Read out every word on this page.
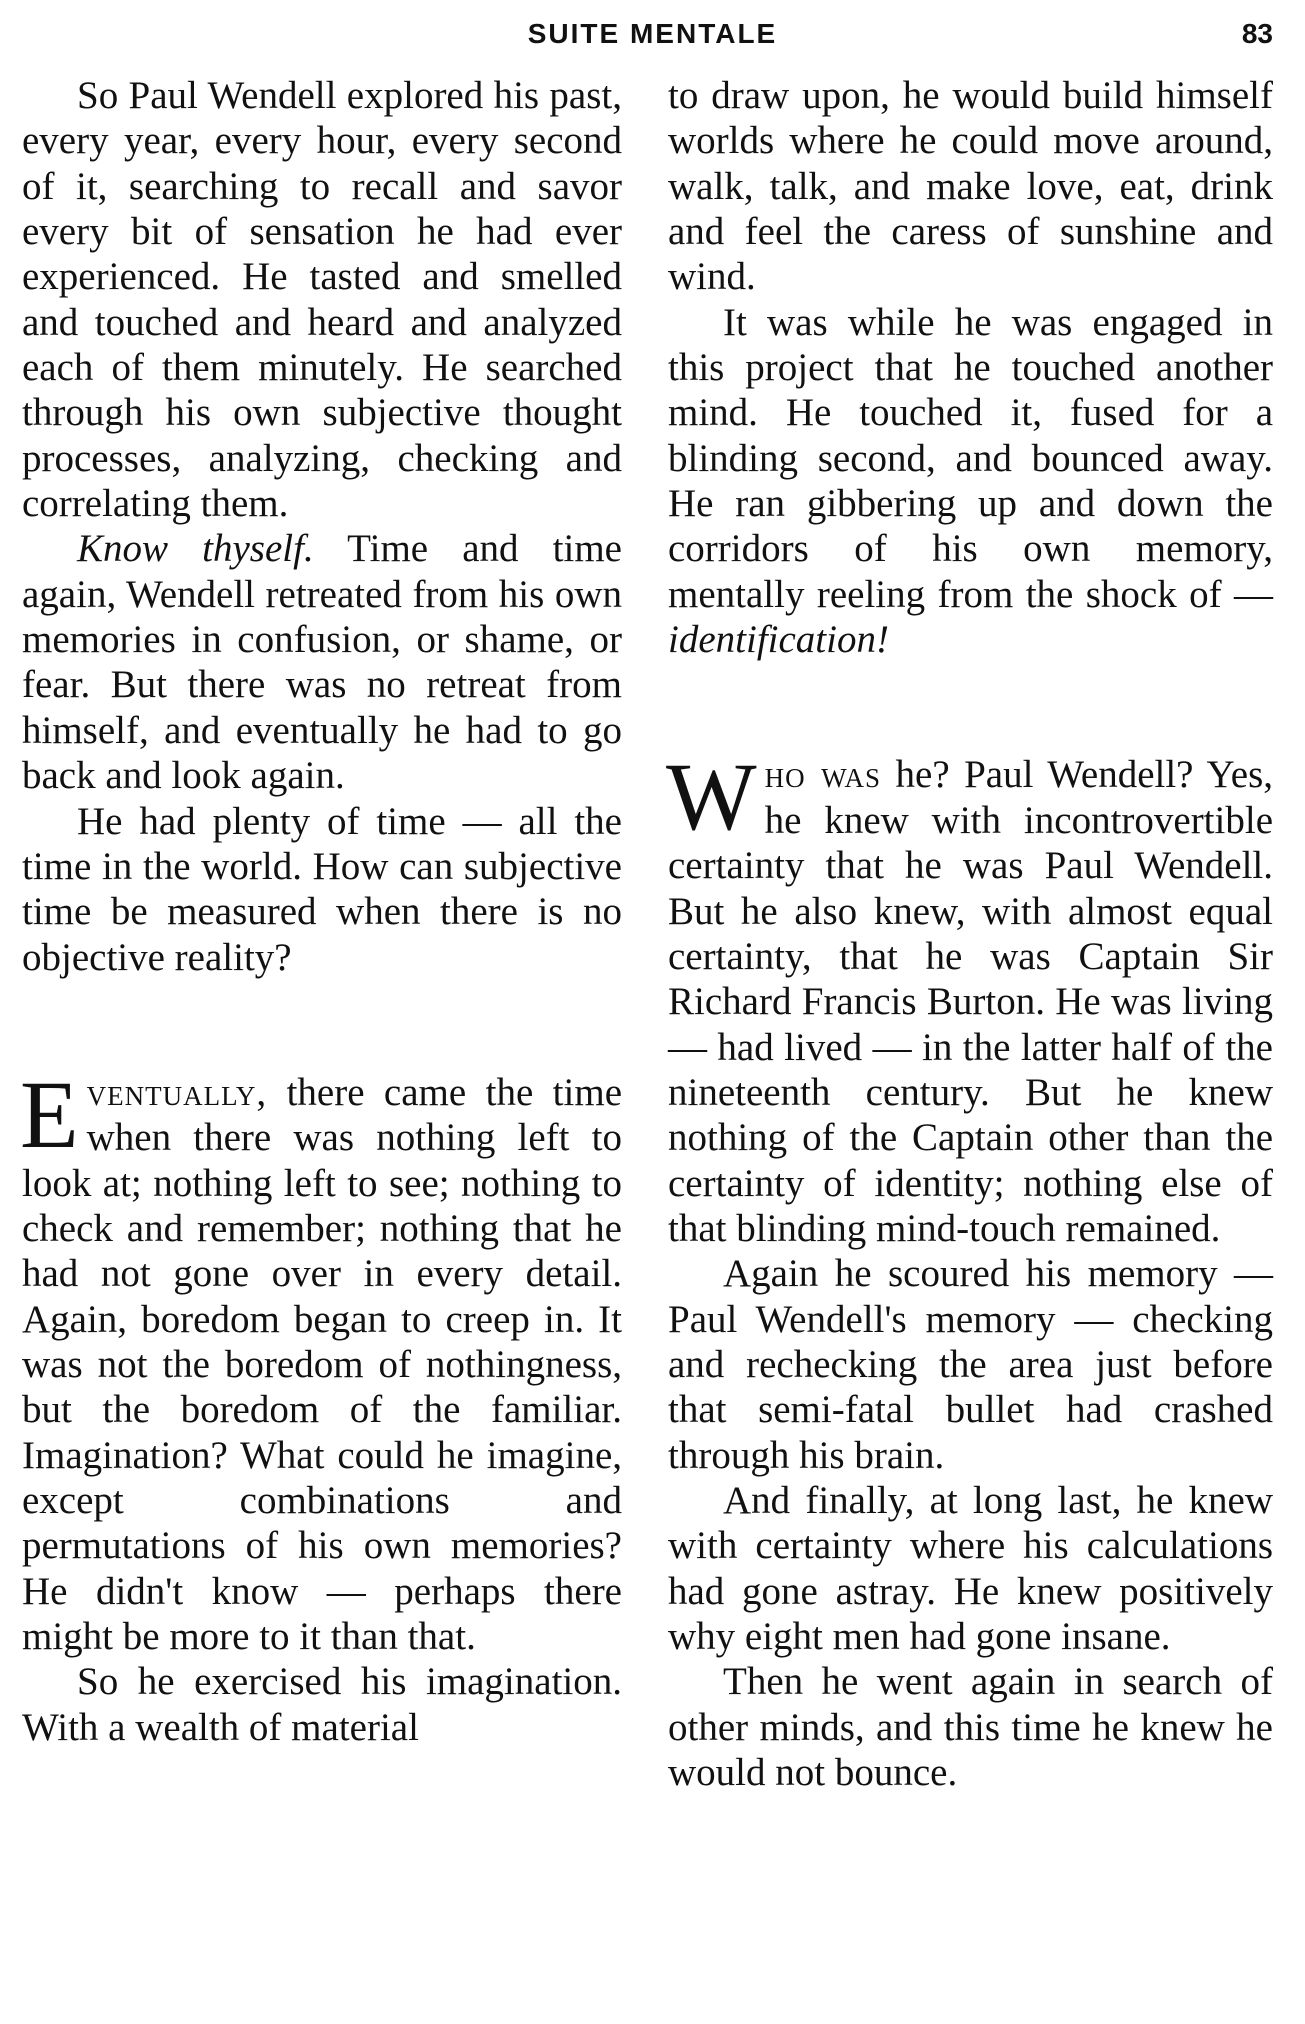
SUITE MENTALE	83

So Paul Wendell explored his past, every year, every hour, every second of it, searching to recall and savor every bit of sensation he had ever experienced. He tasted and smelled and touched and heard and analyzed each of them minutely. He searched through his own subjective thought processes, analyzing, checking and correlating them.

Know thyself. Time and time again, Wendell retreated from his own memories in confusion, or shame, or fear. But there was no retreat from himself, and eventually he had to go back and look again.

He had plenty of time — all the time in the world. How can subjective time be measured when there is no objective reality?

Eventually, there came the time when there was nothing left to look at; nothing left to see; nothing to check and remember; nothing that he had not gone over in every detail. Again, boredom began to creep in. It was not the boredom of nothingness, but the boredom of the familiar. Imagination? What could he imagine, except combinations and permutations of his own memories? He didn't know — perhaps there might be more to it than that.

So he exercised his imagination. With a wealth of material

to draw upon, he would build himself worlds where he could move around, walk, talk, and make love, eat, drink and feel the caress of sunshine and wind.

It was while he was engaged in this project that he touched another mind. He touched it, fused for a blinding second, and bounced away. He ran gibbering up and down the corridors of his own memory, mentally reeling from the shock of — identification!

Who was he? Paul Wendell? Yes, he knew with incontrovertible certainty that he was Paul Wendell. But he also knew, with almost equal certainty, that he was Captain Sir Richard Francis Burton. He was living — had lived — in the latter half of the nineteenth century. But he knew nothing of the Captain other than the certainty of identity; nothing else of that blinding mind-touch remained.

Again he scoured his memory — Paul Wendell's memory — checking and rechecking the area just before that semi-fatal bullet had crashed through his brain.

And finally, at long last, he knew with certainty where his calculations had gone astray. He knew positively why eight men had gone insane.

Then he went again in search of other minds, and this time he knew he would not bounce.
